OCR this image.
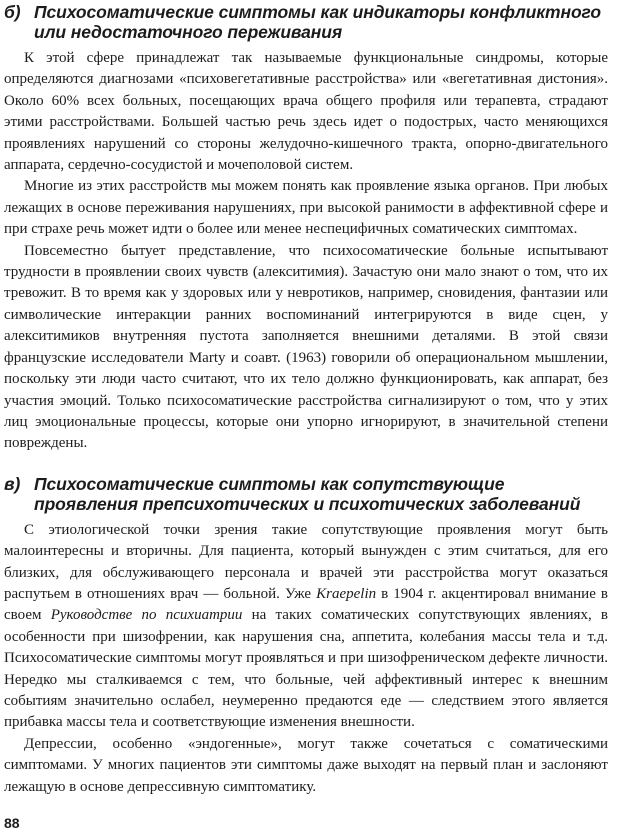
б) Психосоматические симптомы как индикаторы конфликтного или недостаточного переживания

К этой сфере принадлежат так называемые функциональные синдромы, которые определяются диагнозами «психовегетативные расстройства» или «вегетативная дистония». Около 60% всех больных, посещающих врача общего профиля или терапевта, страдают этими расстройствами. Большей частью речь здесь идет о подострых, часто меняющихся проявлениях нарушений со стороны желудочно-кишечного тракта, опорно-двигательного аппарата, сердечно-сосудистой и мочеполовой систем.

Многие из этих расстройств мы можем понять как проявление языка органов. При любых лежащих в основе переживания нарушениях, при высокой ранимости в аффективной сфере и при страхе речь может идти о более или менее неспецифичных соматических симптомах.

Повсеместно бытует представление, что психосоматические больные испытывают трудности в проявлении своих чувств (алекситимия). Зачастую они мало знают о том, что их тревожит. В то время как у здоровых или у невротиков, например, сновидения, фантазии или символические интеракции ранних воспоминаний интегрируются в виде сцен, у алекситимиков внутренняя пустота заполняется внешними деталями. В этой связи французские исследователи Marty и соавт. (1963) говорили об операциональном мышлении, поскольку эти люди часто считают, что их тело должно функционировать, как аппарат, без участия эмоций. Только психосоматические расстройства сигнализируют о том, что у этих лиц эмоциональные процессы, которые они упорно игнорируют, в значительной степени повреждены.

в) Психосоматические симптомы как сопутствующие проявления препсихотических и психотических заболеваний

С этиологической точки зрения такие сопутствующие проявления могут быть малоинтересны и вторичны. Для пациента, который вынужден с этим считаться, для его близких, для обслуживающего персонала и врачей эти расстройства могут оказаться распутьем в отношениях врач — больной. Уже Kraepelin в 1904 г. акцентировал внимание в своем Руководстве по психиатрии на таких соматических сопутствующих явлениях, в особенности при шизофрении, как нарушения сна, аппетита, колебания массы тела и т.д. Психосоматические симптомы могут проявляться и при шизофреническом дефекте личности. Нередко мы сталкиваемся с тем, что больные, чей аффективный интерес к внешним событиям значительно ослабел, неумеренно предаются еде — следствием этого является прибавка массы тела и соответствующие изменения внешности.

Депрессии, особенно «эндогенные», могут также сочетаться с соматическими симптомами. У многих пациентов эти симптомы даже выходят на первый план и заслоняют лежащую в основе депрессивную симптоматику.

88
